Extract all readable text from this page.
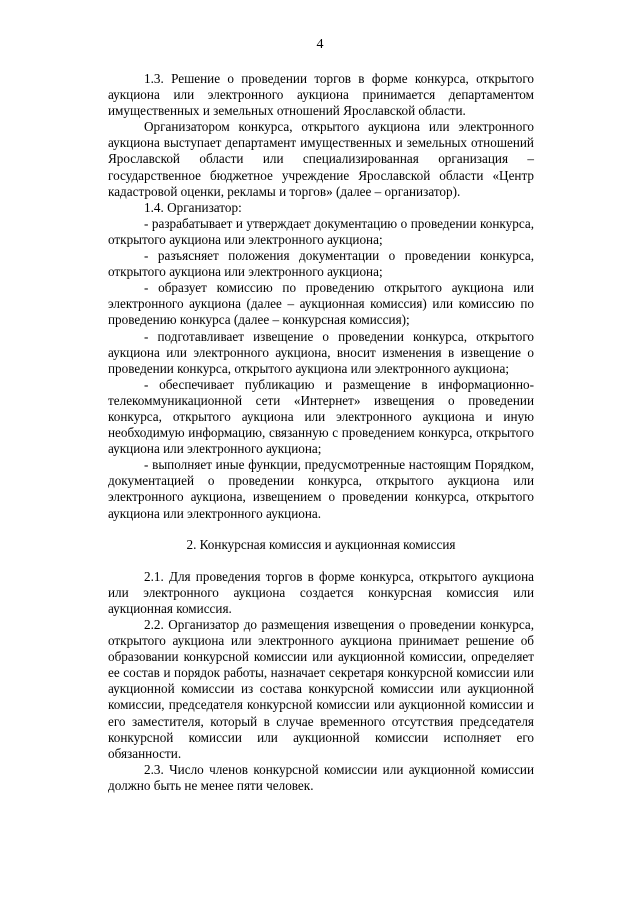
4

1.3. Решение о проведении торгов в форме конкурса, открытого аукциона или электронного аукциона принимается департаментом имущественных и земельных отношений Ярославской области.

Организатором конкурса, открытого аукциона или электронного аукциона выступает департамент имущественных и земельных отношений Ярославской области или специализированная организация – государственное бюджетное учреждение Ярославской области «Центр кадастровой оценки, рекламы и торгов» (далее – организатор).

1.4. Организатор:

- разрабатывает и утверждает документацию о проведении конкурса, открытого аукциона или электронного аукциона;

- разъясняет положения документации о проведении конкурса, открытого аукциона или электронного аукциона;

- образует комиссию по проведению открытого аукциона или электронного аукциона (далее – аукционная комиссия) или комиссию по проведению конкурса (далее – конкурсная комиссия);

- подготавливает извещение о проведении конкурса, открытого аукциона или электронного аукциона, вносит изменения в извещение о проведении конкурса, открытого аукциона или электронного аукциона;

- обеспечивает публикацию и размещение в информационно-телекоммуникационной сети «Интернет» извещения о проведении конкурса, открытого аукциона или электронного аукциона и иную необходимую информацию, связанную с проведением конкурса, открытого аукциона или электронного аукциона;

- выполняет иные функции, предусмотренные настоящим Порядком, документацией о проведении конкурса, открытого аукциона или электронного аукциона, извещением о проведении конкурса, открытого аукциона или электронного аукциона.

2. Конкурсная комиссия и аукционная комиссия

2.1. Для проведения торгов в форме конкурса, открытого аукциона или электронного аукциона создается конкурсная комиссия или аукционная комиссия.

2.2. Организатор до размещения извещения о проведении конкурса, открытого аукциона или электронного аукциона принимает решение об образовании конкурсной комиссии или аукционной комиссии, определяет ее состав и порядок работы, назначает секретаря конкурсной комиссии или аукционной комиссии из состава конкурсной комиссии или аукционной комиссии, председателя конкурсной комиссии или аукционной комиссии и его заместителя, который в случае временного отсутствия председателя конкурсной комиссии или аукционной комиссии исполняет его обязанности.

2.3. Число членов конкурсной комиссии или аукционной комиссии должно быть не менее пяти человек.
